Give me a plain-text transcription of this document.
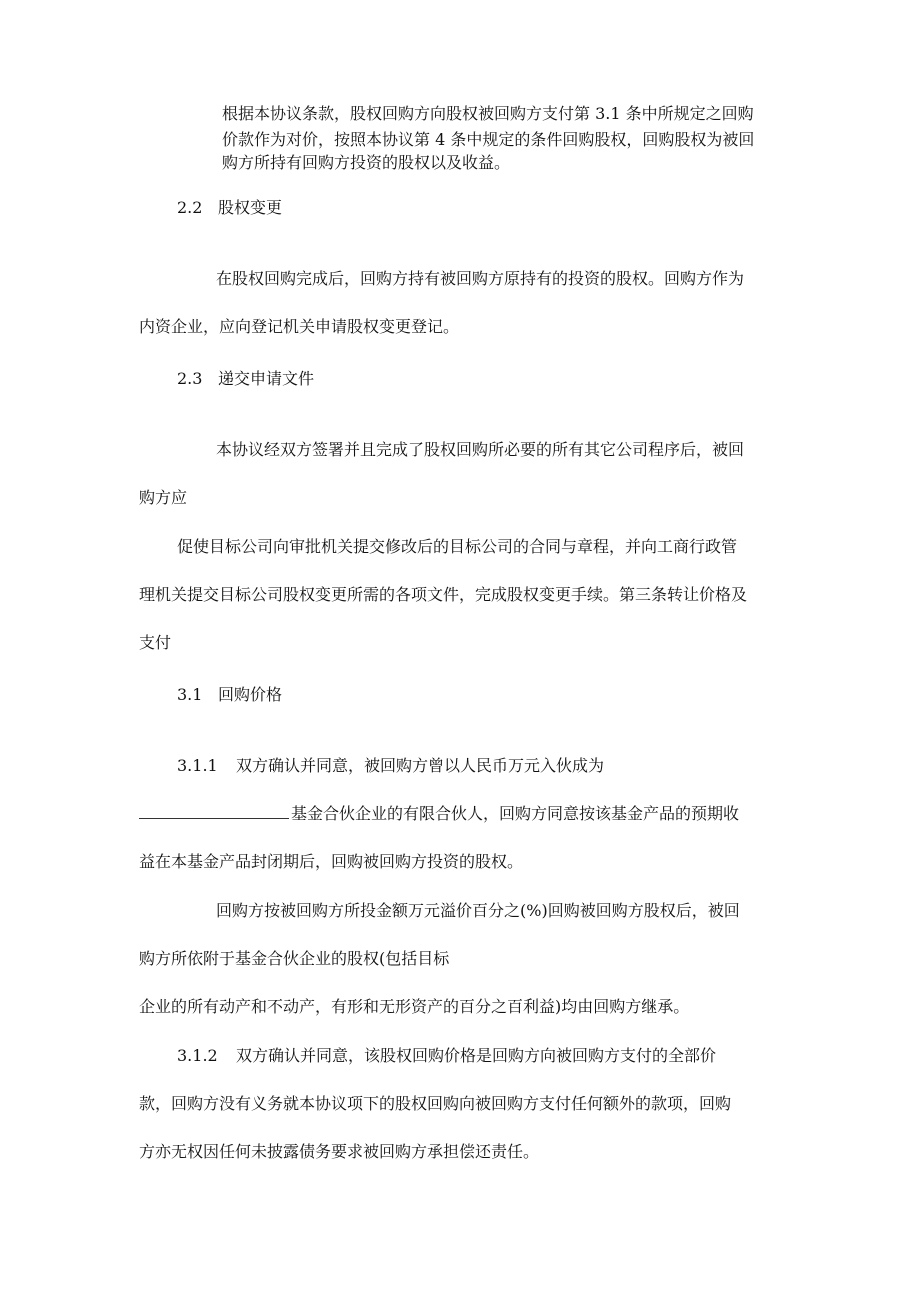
根据本协议条款，股权回购方向股权被回购方支付第 3.1 条中所规定之回购
价款作为对价，按照本协议第 4 条中规定的条件回购股权，回购股权为被回
购方所持有回购方投资的股权以及收益。
2.2 股权变更
在股权回购完成后，回购方持有被回购方原持有的投资的股权。回购方作为
内资企业，应向登记机关申请股权变更登记。
2.3 递交申请文件
本协议经双方签署并且完成了股权回购所必要的所有其它公司程序后，被回
购方应
促使目标公司向审批机关提交修改后的目标公司的合同与章程，并向工商行政管
理机关提交目标公司股权变更所需的各项文件，完成股权变更手续。第三条转让价格及
支付
3.1 回购价格
3.1.1 双方确认并同意，被回购方曾以人民币万元入伙成为
基金合伙企业的有限合伙人，回购方同意按该基金产品的预期收
益在本基金产品封闭期后，回购被回购方投资的股权。
回购方按被回购方所投金额万元溢价百分之(%)回购被回购方股权后，被回
购方所依附于基金合伙企业的股权(包括目标
企业的所有动产和不动产，有形和无形资产的百分之百利益)均由回购方继承。
3.1.2 双方确认并同意，该股权回购价格是回购方向被回购方支付的全部价
款，回购方没有义务就本协议项下的股权回购向被回购方支付任何额外的款项，回购
方亦无权因任何未披露债务要求被回购方承担偿还责任。
